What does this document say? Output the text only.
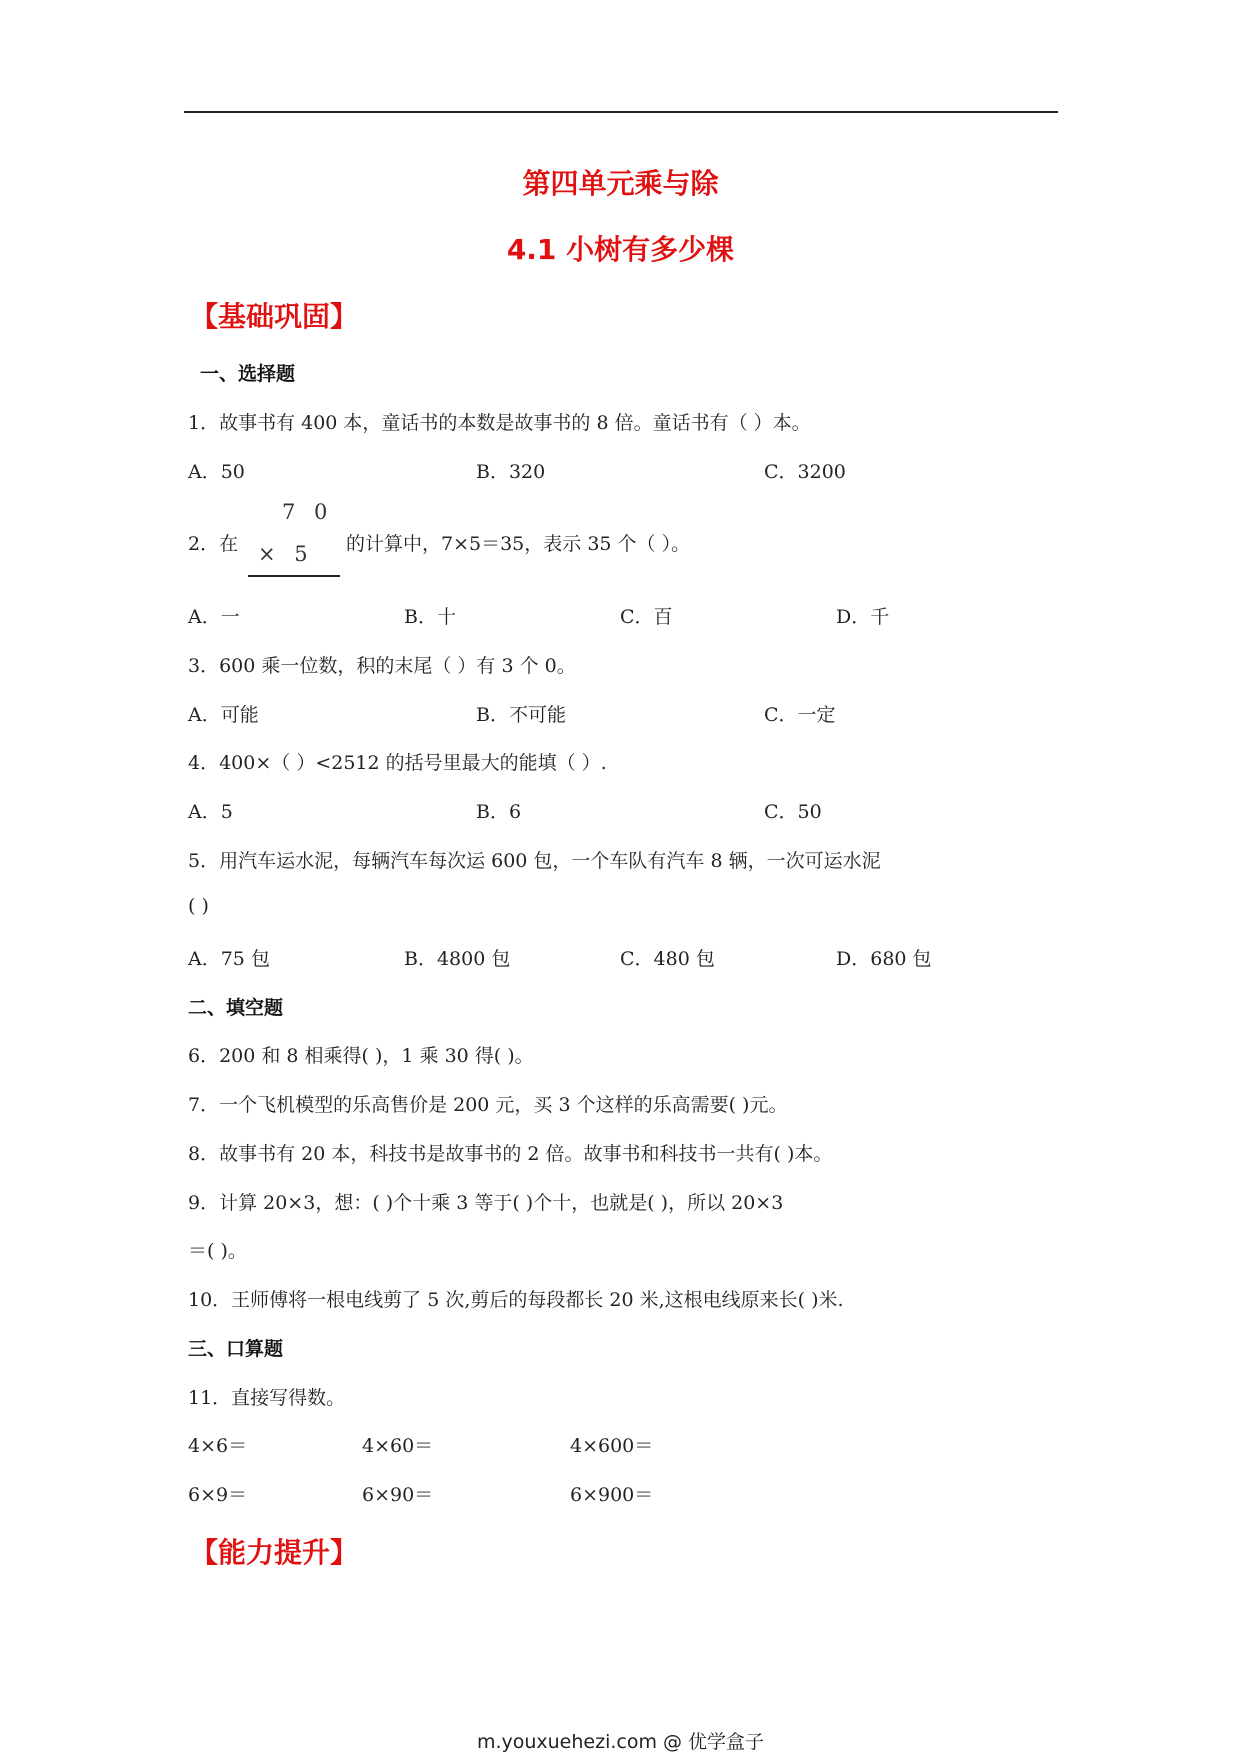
第四单元乘与除
4.1 小树有多少棵
【基础巩固】
一、选择题
1．故事书有 400 本，童话书的本数是故事书的 8 倍。童话书有（ ）本。
A．50	B．320	C．3200
2．在
7 0
× 5 的计算中，7×5＝35，表示 35 个（ ）。
A．一	B．十	C．百	D．千
3．600 乘一位数，积的末尾（ ）有 3 个 0。
A．可能	B．不可能	C．一定
4．400×（ ）<2512 的括号里最大的能填（ ）.
A．5	B．6	C．50
5．用汽车运水泥，每辆汽车每次运 600 包，一个车队有汽车 8 辆，一次可运水泥
( )
A．75 包	B．4800 包	C．480 包	D．680 包
二、填空题
6．200 和 8 相乘得( )，1 乘 30 得( )。
7．一个飞机模型的乐高售价是 200 元，买 3 个这样的乐高需要( )元。
8．故事书有 20 本，科技书是故事书的 2 倍。故事书和科技书一共有( )本。
9．计算 20×3，想：( )个十乘 3 等于( )个十，也就是( )，所以 20×3
＝( )。
10．王师傅将一根电线剪了 5 次,剪后的每段都长 20 米,这根电线原来长( )米.
三、口算题
11．直接写得数。
4×6＝	4×60＝	4×600＝
6×9＝	6×90＝	6×900＝
【能力提升】
m.youxuehezi.com @ 优学盒子
